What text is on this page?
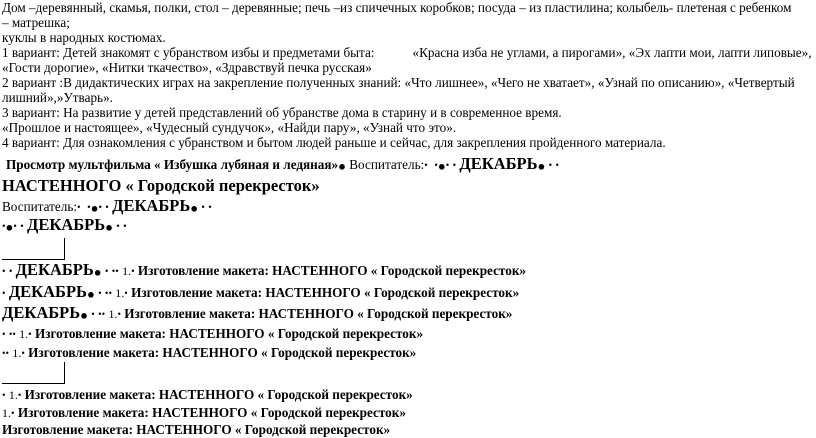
Дом –деревянный, скамья, полки, стол – деревянные; печь –из спичечных коробков; посуда – из пластилина; колыбель- плетеная с ребенком
– матрешка;
куклы в народных костюмах.
1 вариант: Детей знакомят с убранством избы и предметами быта:	«Красна изба не углами, а пирогами», «Эх лапти мои, лапти липовые»,
«Гости дорогие», «Нитки ткачество», «Здравствуй печка русская»
2 вариант :В дидактических играх на закрепление полученных знаний: «Что лишнее», «Чего не хватает», «Узнай по описанию», «Четвертый
лишний»,»Утварь».
3 вариант: На развитие у детей представлений об убранстве дома в старину и в современное время.
«Прошлое и настоящее», «Чудесный сундучок», «Найди пару», «Узнай что это».
4 вариант: Для ознакомления с убранством и бытом людей раньше и сейчас, для закрепления пройденного материала.
Просмотр мультфильма « Избушка лубяная и ледяная»● Воспитатель:• •●• • ДЕКАБРЬ● • •
НАСТЕННОГО « Городской перекресток»
Воспитатель:• •●• • ДЕКАБРЬ● • •
•●• • ДЕКАБРЬ● • •
• • ДЕКАБРЬ● • •• 1.• Изготовление макета: НАСТЕННОГО « Городской перекресток»
• ДЕКАБРЬ● • •• 1.• Изготовление макета: НАСТЕННОГО « Городской перекресток»
ДЕКАБРЬ● • •• 1.• Изготовление макета: НАСТЕННОГО « Городской перекресток»
• •• 1.• Изготовление макета: НАСТЕННОГО « Городской перекресток»
•• 1.• Изготовление макета: НАСТЕННОГО « Городской перекресток»
• 1.• Изготовление макета: НАСТЕННОГО « Городской перекресток»
1.• Изготовление макета: НАСТЕННОГО « Городской перекресток»
Изготовление макета: НАСТЕННОГО « Городской перекресток»
